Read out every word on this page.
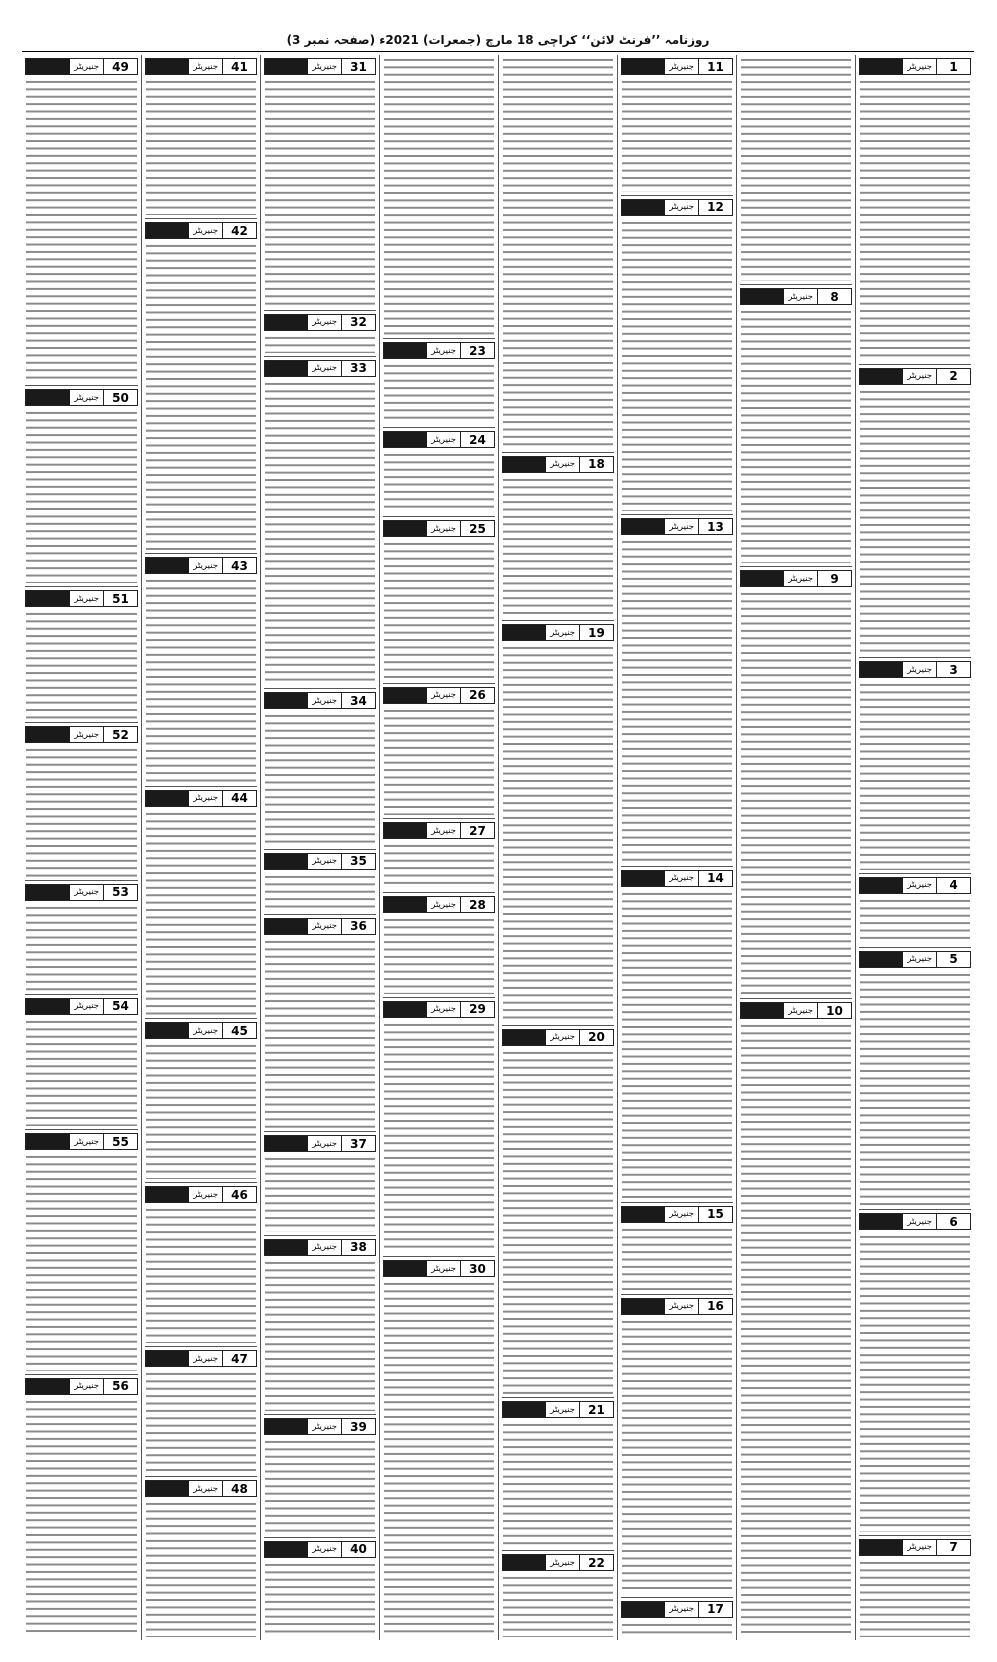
روزنامہ ’’فرنٹ لائن‘‘ کراچی 18 مارچ (جمعرات) 2021ء (صفحہ نمبر 3)
1
جنیریٹر
2
جنیریٹر
3
جنیریٹر
4
جنیریٹر
5
جنیریٹر
6
جنیریٹر
7
جنیریٹر
8
جنیریٹر
9
جنیریٹر
10
جنیریٹر
11
جنیریٹر
12
جنیریٹر
13
جنیریٹر
14
جنیریٹر
15
جنیریٹر
16
جنیریٹر
17
جنیریٹر
18
جنیریٹر
19
جنیریٹر
20
جنیریٹر
21
جنیریٹر
22
جنیریٹر
23
جنیریٹر
24
جنیریٹر
25
جنیریٹر
26
جنیریٹر
27
جنیریٹر
28
جنیریٹر
29
جنیریٹر
30
جنیریٹر
31
جنیریٹر
32
جنیریٹر
33
جنیریٹر
34
جنیریٹر
35
جنیریٹر
36
جنیریٹر
37
جنیریٹر
38
جنیریٹر
39
جنیریٹر
40
جنیریٹر
41
جنیریٹر
42
جنیریٹر
43
جنیریٹر
44
جنیریٹر
45
جنیریٹر
46
جنیریٹر
47
جنیریٹر
48
جنیریٹر
49
جنیریٹر
50
جنیریٹر
51
جنیریٹر
52
جنیریٹر
53
جنیریٹر
54
جنیریٹر
55
جنیریٹر
56
جنیریٹر
